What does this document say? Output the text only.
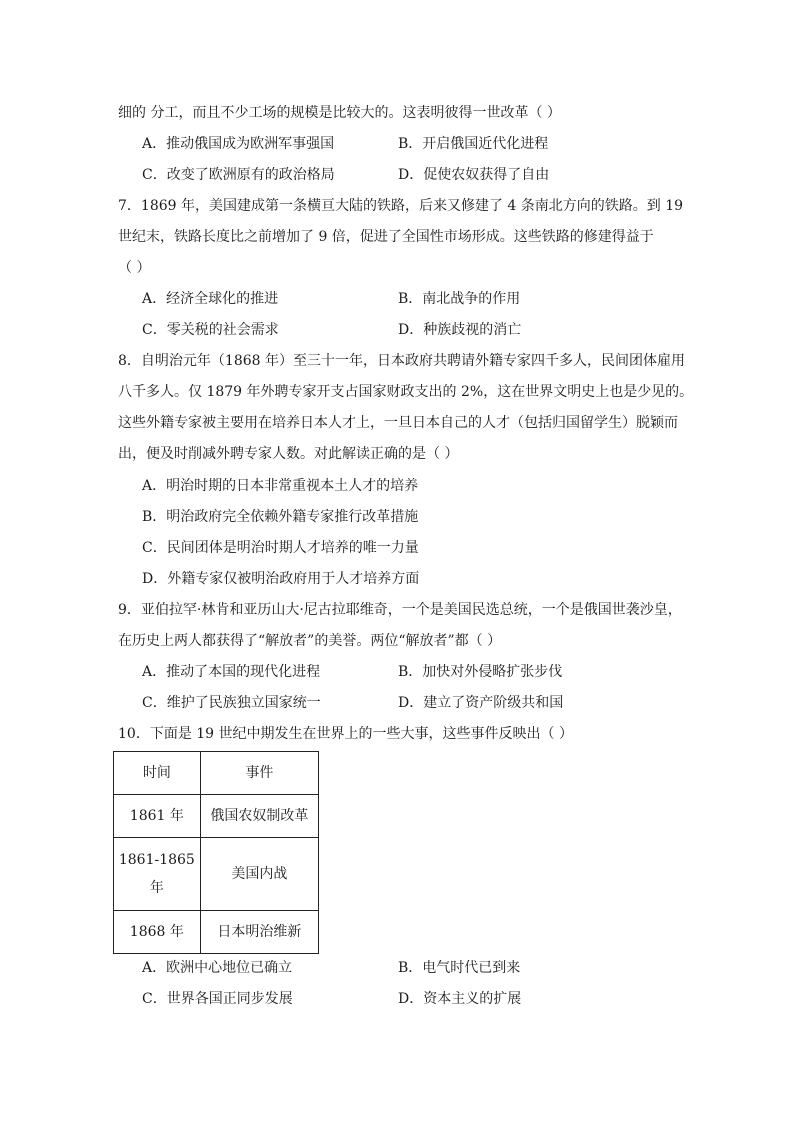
细的 分工，而且不少工场的规模是比较大的。这表明彼得一世改革（ ）
A．推动俄国成为欧洲军事强国	B．开启俄国近代化进程
C．改变了欧洲原有的政治格局	D．促使农奴获得了自由
7．1869 年，美国建成第一条横亘大陆的铁路，后来又修建了 4 条南北方向的铁路。到 19
世纪末，铁路长度比之前增加了 9 倍，促进了全国性市场形成。这些铁路的修建得益于
（ ）
A．经济全球化的推进	B．南北战争的作用
C．零关税的社会需求	D．种族歧视的消亡
8．自明治元年（1868 年）至三十一年，日本政府共聘请外籍专家四千多人，民间团体雇用
八千多人。仅 1879 年外聘专家开支占国家财政支出的 2%，这在世界文明史上也是少见的。
这些外籍专家被主要用在培养日本人才上，一旦日本自己的人才（包括归国留学生）脱颖而
出，便及时削减外聘专家人数。对此解读正确的是（ ）
A．明治时期的日本非常重视本土人才的培养
B．明治政府完全依赖外籍专家推行改革措施
C．民间团体是明治时期人才培养的唯一力量
D．外籍专家仅被明治政府用于人才培养方面
9．亚伯拉罕·林肯和亚历山大·尼古拉耶维奇，一个是美国民选总统，一个是俄国世袭沙皇，
在历史上两人都获得了“解放者”的美誉。两位“解放者”都（ ）
A．推动了本国的现代化进程	B．加快对外侵略扩张步伐
C．维护了民族独立国家统一	D．建立了资产阶级共和国
10．下面是 19 世纪中期发生在世界上的一些大事，这些事件反映出（ ）
时间	事件
1861 年	俄国农奴制改革

1861-1865
年	美国内战
1868 年	日本明治维新
A．欧洲中心地位已确立	B．电气时代已到来
C．世界各国正同步发展	D．资本主义的扩展
